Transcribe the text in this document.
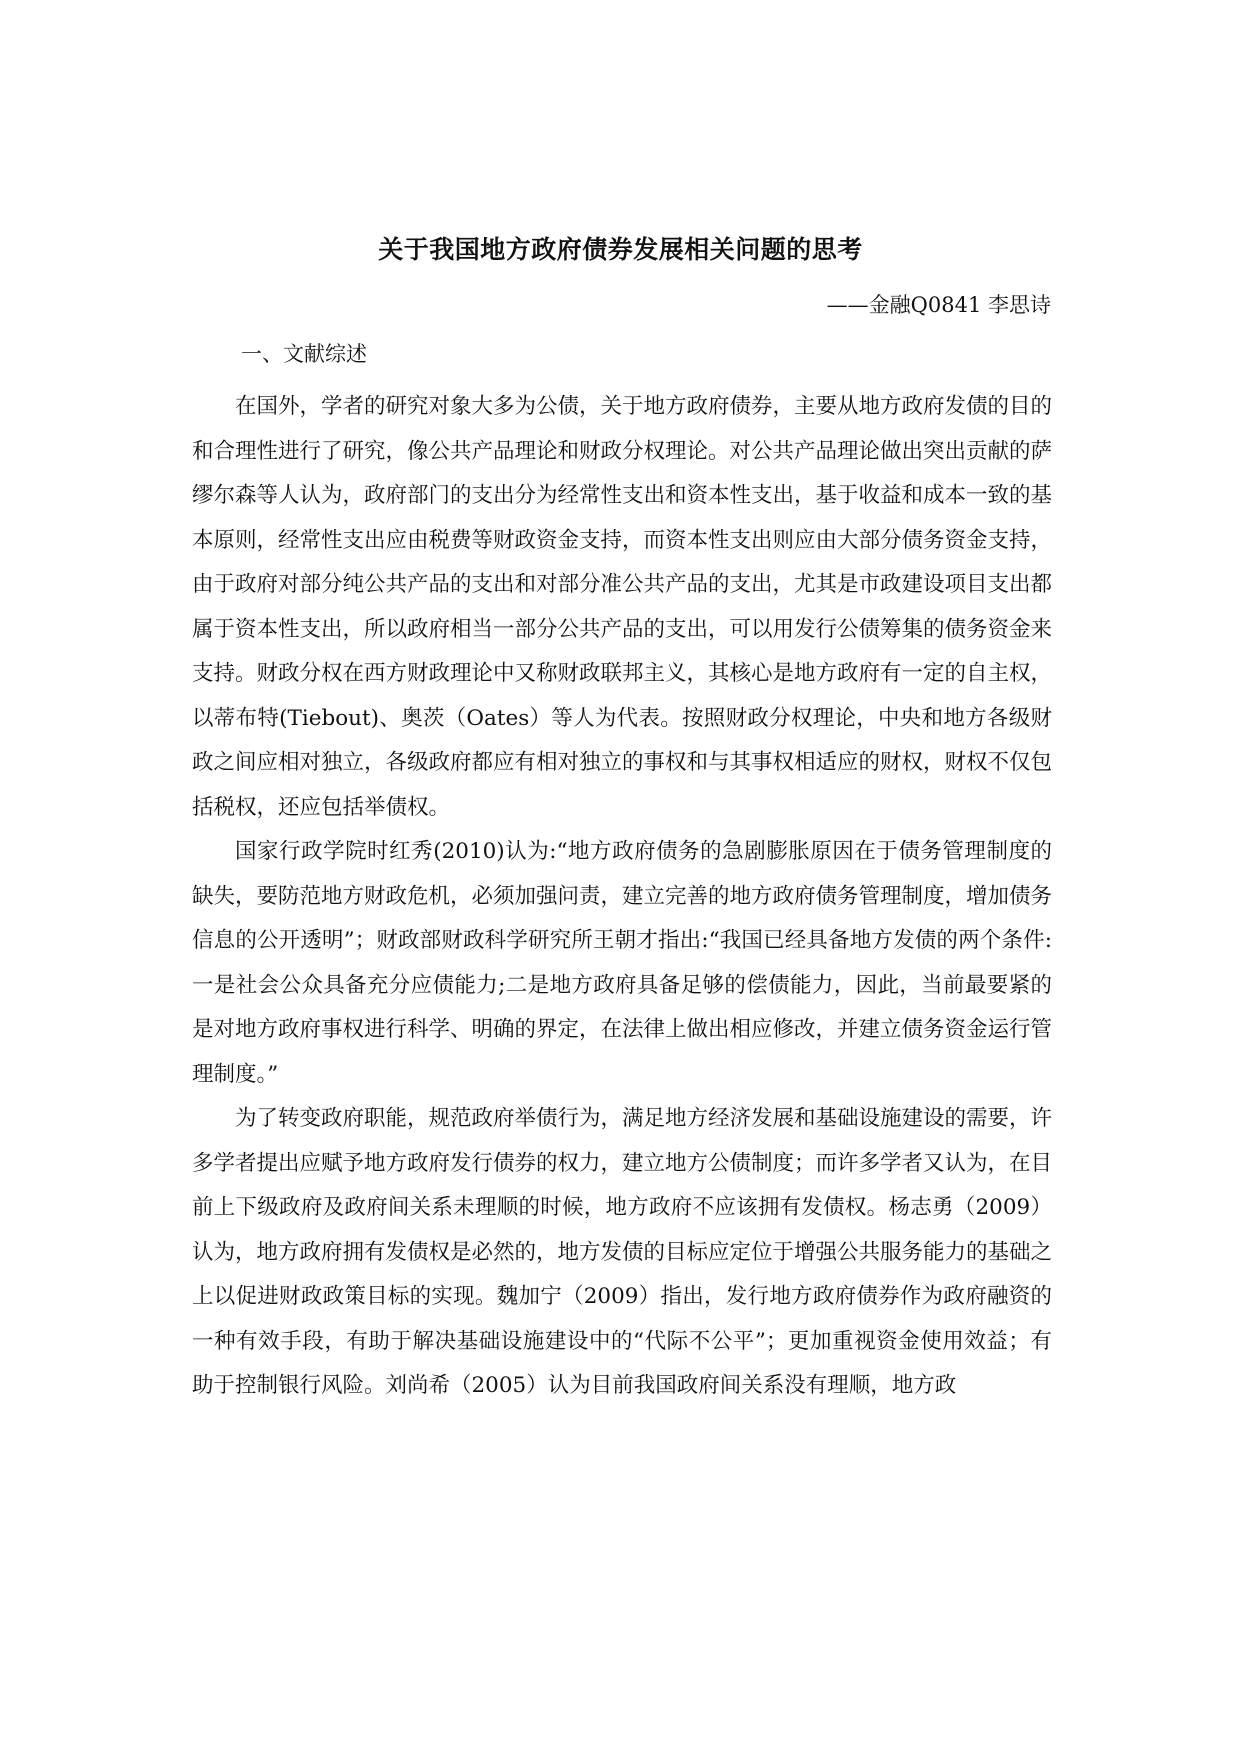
关于我国地方政府债券发展相关问题的思考
——金融Q0841 李思诗
一、文献综述

在国外，学者的研究对象大多为公债，关于地方政府债券，主要从地方政府发债的目的和合理性进行了研究，像公共产品理论和财政分权理论。对公共产品理论做出突出贡献的萨缪尔森等人认为，政府部门的支出分为经常性支出和资本性支出，基于收益和成本一致的基本原则，经常性支出应由税费等财政资金支持，而资本性支出则应由大部分债务资金支持，由于政府对部分纯公共产品的支出和对部分准公共产品的支出，尤其是市政建设项目支出都属于资本性支出，所以政府相当一部分公共产品的支出，可以用发行公债筹集的债务资金来支持。财政分权在西方财政理论中又称财政联邦主义，其核心是地方政府有一定的自主权，以蒂布特(Tiebout)、奥茨（Oates）等人为代表。按照财政分权理论，中央和地方各级财政之间应相对独立，各级政府都应有相对独立的事权和与其事权相适应的财权，财权不仅包括税权，还应包括举债权。

国家行政学院时红秀(2010)认为:“地方政府债务的急剧膨胀原因在于债务管理制度的缺失，要防范地方财政危机，必须加强问责，建立完善的地方政府债务管理制度，增加债务信息的公开透明”；财政部财政科学研究所王朝才指出:“我国已经具备地方发债的两个条件:一是社会公众具备充分应债能力;二是地方政府具备足够的偿债能力，因此，当前最要紧的是对地方政府事权进行科学、明确的界定，在法律上做出相应修改，并建立债务资金运行管理制度。”

为了转变政府职能，规范政府举债行为，满足地方经济发展和基础设施建设的需要，许多学者提出应赋予地方政府发行债券的权力，建立地方公债制度；而许多学者又认为，在目前上下级政府及政府间关系未理顺的时候，地方政府不应该拥有发债权。杨志勇（2009）认为，地方政府拥有发债权是必然的，地方发债的目标应定位于增强公共服务能力的基础之上以促进财政政策目标的实现。魏加宁（2009）指出，发行地方政府债券作为政府融资的一种有效手段，有助于解决基础设施建设中的“代际不公平”；更加重视资金使用效益；有助于控制银行风险。刘尚希（2005）认为目前我国政府间关系没有理顺，地方政
